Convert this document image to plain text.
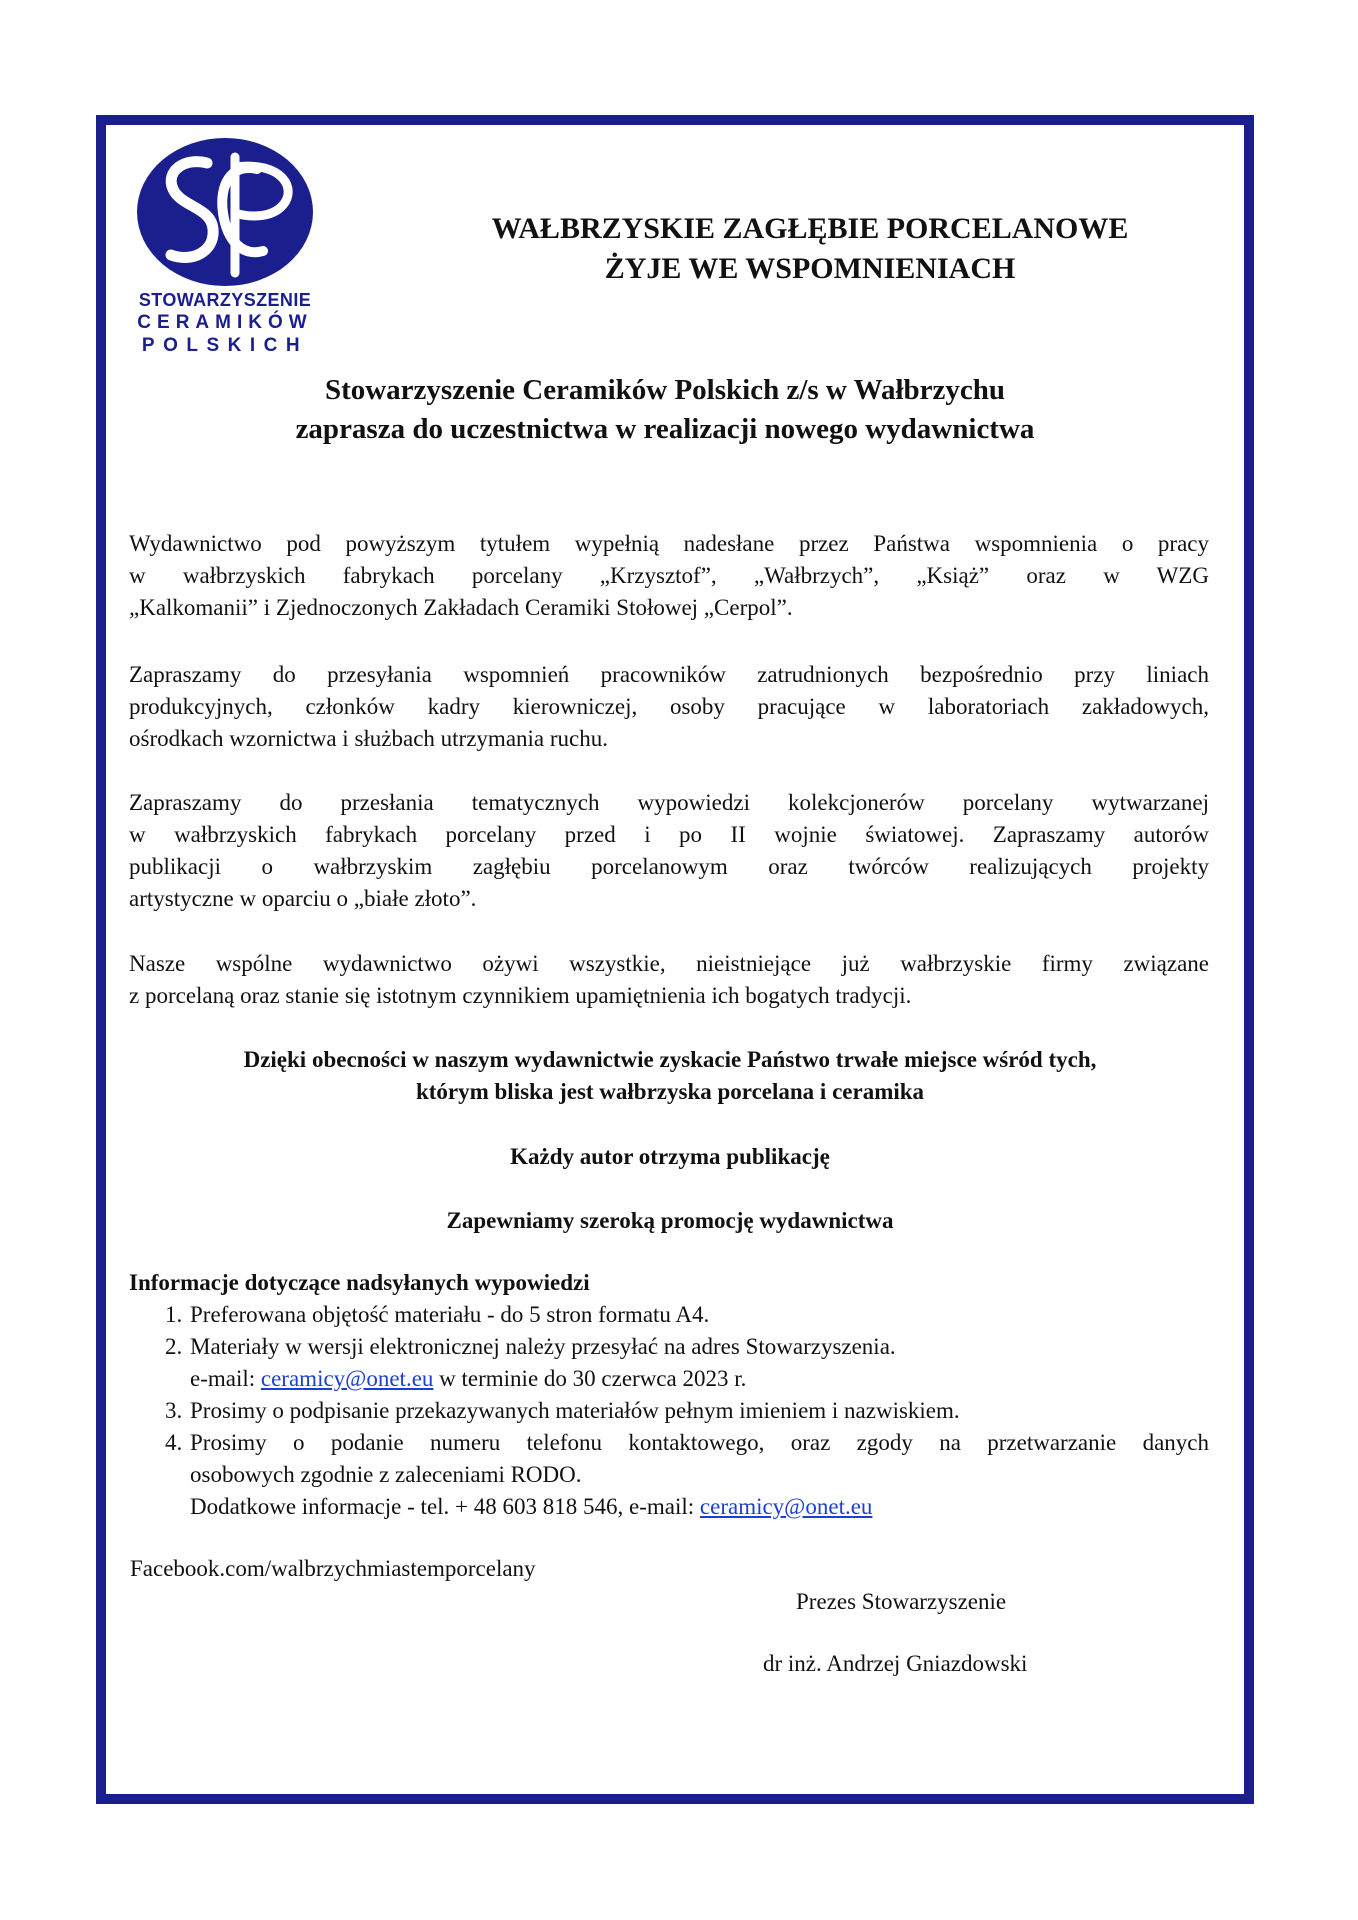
STOWARZYSZENIE
CERAMIKÓW
POLSKICH
WAŁBRZYSKIE ZAGŁĘBIE PORCELANOWE
ŻYJE WE WSPOMNIENIACH
Stowarzyszenie Ceramików Polskich z/s w Wałbrzychu
zaprasza do uczestnictwa w realizacji nowego wydawnictwa
Wydawnictwo pod powyższym tytułem wypełnią nadesłane przez Państwa wspomnienia o pracy
w wałbrzyskich fabrykach porcelany „Krzysztof”, „Wałbrzych”, „Książ” oraz w WZG
„Kalkomanii” i Zjednoczonych Zakładach Ceramiki Stołowej „Cerpol”.
Zapraszamy do przesyłania wspomnień pracowników zatrudnionych bezpośrednio przy liniach
produkcyjnych, członków kadry kierowniczej, osoby pracujące w laboratoriach zakładowych,
ośrodkach wzornictwa i służbach utrzymania ruchu.
Zapraszamy do przesłania tematycznych wypowiedzi kolekcjonerów porcelany wytwarzanej
w wałbrzyskich fabrykach porcelany przed i po II wojnie światowej. Zapraszamy autorów
publikacji o wałbrzyskim zagłębiu porcelanowym oraz twórców realizujących projekty
artystyczne w oparciu o „białe złoto”.
Nasze wspólne wydawnictwo ożywi wszystkie, nieistniejące już wałbrzyskie firmy związane
z porcelaną oraz stanie się istotnym czynnikiem upamiętnienia ich bogatych tradycji.
Dzięki obecności w naszym wydawnictwie zyskacie Państwo trwałe miejsce wśród tych,
którym bliska jest wałbrzyska porcelana i ceramika
Każdy autor otrzyma publikację
Zapewniamy szeroką promocję wydawnictwa
Informacje dotyczące nadsyłanych wypowiedzi
1. Preferowana objętość materiału - do 5 stron formatu A4.
2. Materiały w wersji elektronicznej należy przesyłać na adres Stowarzyszenia.
e-mail: ceramicy@onet.eu w terminie do 30 czerwca 2023 r.
3. Prosimy o podpisanie przekazywanych materiałów pełnym imieniem i nazwiskiem.
4. Prosimy o podanie numeru telefonu kontaktowego, oraz zgody na przetwarzanie danych
osobowych zgodnie z zaleceniami RODO.
Dodatkowe informacje - tel. + 48 603 818 546, e-mail: ceramicy@onet.eu
Facebook.com/walbrzychmiastemporcelany
Prezes Stowarzyszenie
dr inż. Andrzej Gniazdowski
